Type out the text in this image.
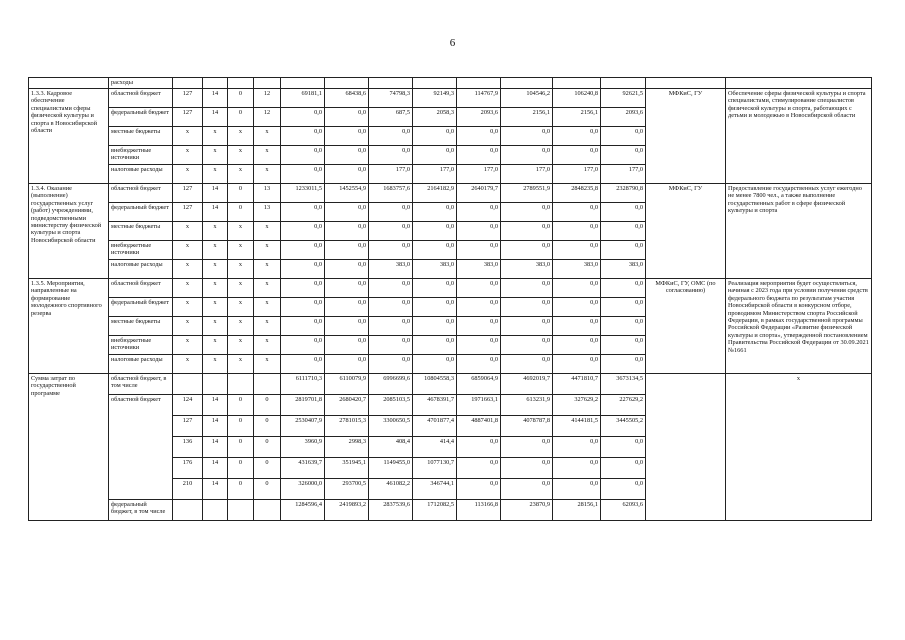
6
	расходы														
1.3.3. Кадровое обеспечение специалистами сферы физической культуры и спорта в Новосибирской области	областной бюджет	127	14	0	12	69181,1	68438,6	74798,3	92149,3	114767,9	104546,2	106240,8	92621,5	МФКиС, ГУ	Обеспечение сферы физической культуры и спорта специалистами, стимулирование специалистов физической культуры и спорта, работающих с детьми и молодежью в Новосибирской области
	федеральный бюджет	127	14	0	12	0,0	0,0	687,5	2058,3	2093,6	2156,1	2156,1	2093,6		
	местные бюджеты	x	x	x	x	0,0	0,0	0,0	0,0	0,0	0,0	0,0	0,0		
	внебюджетные источники	x	x	x	x	0,0	0,0	0,0	0,0	0,0	0,0	0,0	0,0		
	налоговые расходы	x	x	x	x	0,0	0,0	177,0	177,0	177,0	177,0	177,0	177,0		
1.3.4. Оказание (выполнение) государственных услуг (работ) учреждениями, подведомственными министерству физической культуры и спорта Новосибирской области	областной бюджет	127	14	0	13	1233011,5	1452554,9	1683757,6	2164182,9	2640179,7	2789551,9	2848235,8	2328790,8	МФКиС, ГУ	Предоставление государственных услуг ежегодно не менее 7800 чел., а также выполнение государственных работ в сфере физической культуры и спорта
	федеральный бюджет	127	14	0	13	0,0	0,0	0,0	0,0	0,0	0,0	0,0	0,0		
	местные бюджеты	x	x	x	x	0,0	0,0	0,0	0,0	0,0	0,0	0,0	0,0		
	внебюджетные источники	x	x	x	x	0,0	0,0	0,0	0,0	0,0	0,0	0,0	0,0		
	налоговые расходы	x	x	x	x	0,0	0,0	383,0	383,0	383,0	383,0	383,0	383,0		
1.3.5. Мероприятия, направленные на формирование молодежного спортивного резерва	областной бюджет	x	x	x	x	0,0	0,0	0,0	0,0	0,0	0,0	0,0	0,0	МФКиС, ГУ, ОМС (по согласованию)	Реализация мероприятия будет осуществляться, начиная с 2023 года при условии получения средств федерального бюджета по результатам участия Новосибирской области в конкурсном отборе, проводимом Министерством спорта Российской Федерации, в рамках государственной программы Российской Федерации «Развитие физической культуры и спорта», утвержденной постановлением Правительства Российской Федерации от 30.09.2021 №1661
	федеральный бюджет	x	x	x	x	0,0	0,0	0,0	0,0	0,0	0,0	0,0	0,0		
	местные бюджеты	x	x	x	x	0,0	0,0	0,0	0,0	0,0	0,0	0,0	0,0		
	внебюджетные источники	x	x	x	x	0,0	0,0	0,0	0,0	0,0	0,0	0,0	0,0		
	налоговые расходы	x	x	x	x	0,0	0,0	0,0	0,0	0,0	0,0	0,0	0,0		
Сумма затрат по государственной программе	областной бюджет, в том числе					6111710,3	6110079,9	6996699,6	10804558,3	6859064,9	4692019,7	4471810,7	3673134,5		x
	областной бюджет	124	14	0	0	2819701,8	2680420,7	2085103,5	4678391,7	1971663,1	613231,9	327629,2	227629,2		
		127	14	0	0	2530407,9	2781015,3	3300650,5	4701877,4	4887401,8	4078787,8	4144181,5	3445505,2		
		136	14	0	0	3960,9	2998,3	408,4	414,4	0,0	0,0	0,0	0,0		
		176	14	0	0	431639,7	351945,1	1149455,0	1077130,7	0,0	0,0	0,0	0,0		
		210	14	0	0	326000,0	293700,5	461082,2	346744,1	0,0	0,0	0,0	0,0		
	федеральный бюджет, в том числе					1284596,4	2419893,2	2837539,6	1712082,5	113166,8	23870,9	28156,1	62093,6		
